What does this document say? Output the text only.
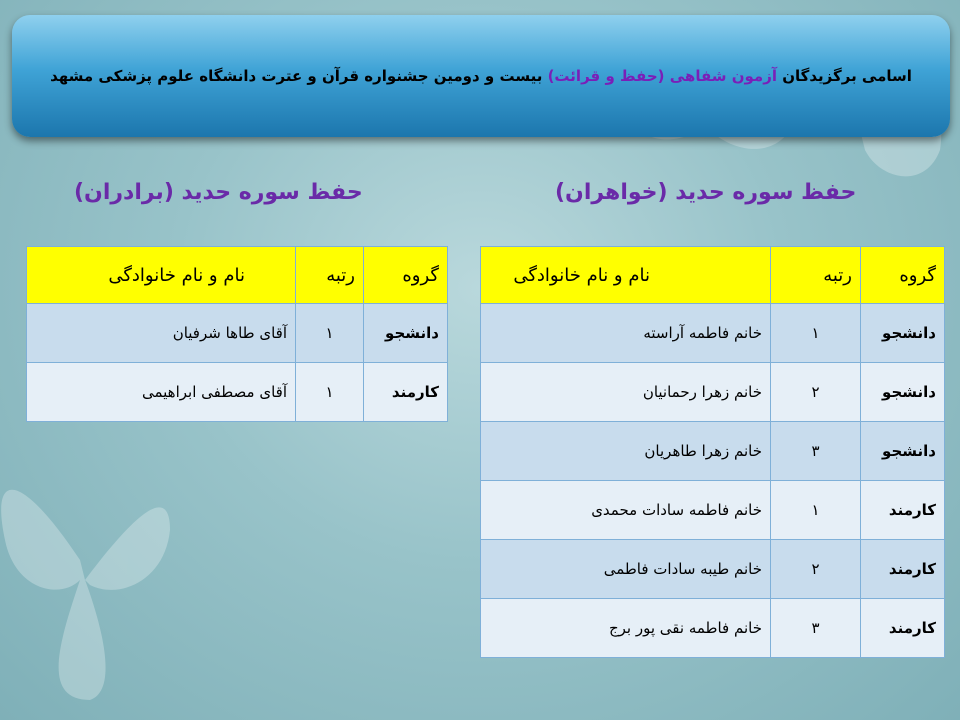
اسامی برگزیدگان آزمون شفاهی (حفظ و قرائت) بیست و دومین جشنواره قرآن و عترت دانشگاه علوم پزشکی مشهد
حفظ سوره حدید (خواهران)
حفظ سوره حدید (برادران)
گروه	رتبه	نام و نام خانوادگی
دانشجو	۱	خانم فاطمه آراسته
دانشجو	۲	خانم زهرا رحمانیان
دانشجو	۳	خانم زهرا طاهریان
کارمند	۱	خانم فاطمه سادات محمدی
کارمند	۲	خانم طیبه سادات فاطمی
کارمند	۳	خانم فاطمه نقی پور برج
گروه	رتبه	نام و نام خانوادگی
دانشجو	۱	آقای طاها شرفیان
کارمند	۱	آقای مصطفی ابراهیمی
